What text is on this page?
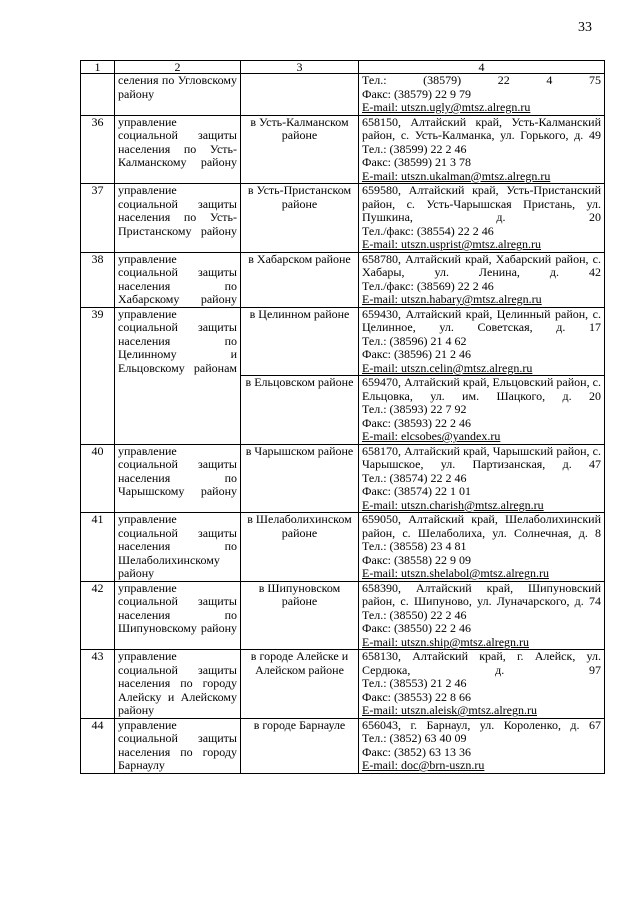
33
1	2	3	4

	селения по Угловскому району		Тел.: (38579) 22 4 75
Факс: (38579) 22 9 79
E-mail: utszn.ugly@mtsz.alregn.ru

36	управление социальной защиты населения по Усть-Калманскому району	в Усть-Калманском районе	658150, Алтайский край, Усть-Калманский район, с. Усть-Калманка, ул. Горького, д. 49
Тел.: (38599) 22 2 46
Факс: (38599) 21 3 78
E-mail: utszn.ukalman@mtsz.alregn.ru

37	управление социальной защиты населения по Усть-Пристанскому району	в Усть-Пристанском районе	659580, Алтайский край, Усть-Пристанский район, с. Усть-Чарышская Пристань, ул. Пушкина, д. 20
Тел./факс: (38554) 22 2 46
E-mail: utszn.usprist@mtsz.alregn.ru

38	управление социальной защиты населения по Хабарскому району	в Хабарском районе	658780, Алтайский край, Хабарский район, с. Хабары, ул. Ленина, д. 42
Тел./факс: (38569) 22 2 46
E-mail: utszn.habary@mtsz.alregn.ru

39	управление социальной защиты населения по Целинному и Ельцовскому районам	в Целинном районе	659430, Алтайский край, Целинный район, с. Целинное, ул. Советская, д. 17
Тел.: (38596) 21 4 62
Факс: (38596) 21 2 46
E-mail: utszn.celin@mtsz.alregn.ru

		в Ельцовском районе	659470, Алтайский край, Ельцовский район, с. Ельцовка, ул. им. Шацкого, д. 20
Тел.: (38593) 22 7 92
Факс: (38593) 22 2 46
E-mail: elcsobes@yandex.ru

40	управление социальной защиты населения по Чарышскому району	в Чарышском районе	658170, Алтайский край, Чарышский район, с. Чарышское, ул. Партизанская, д. 47
Тел.: (38574) 22 2 46
Факс: (38574) 22 1 01
E-mail: utszn.charish@mtsz.alregn.ru

41	управление социальной защиты населения по Шелаболихинскому району	в Шелаболихинском районе	659050, Алтайский край, Шелаболихинский район, с. Шелаболиха, ул. Солнечная, д. 8
Тел.: (38558) 23 4 81
Факс: (38558) 22 9 09
E-mail: utszn.shelabol@mtsz.alregn.ru

42	управление социальной защиты населения по Шипуновскому району	в Шипуновском районе	658390, Алтайский край, Шипуновский район, с. Шипуново, ул. Луначарского, д. 74
Тел.: (38550) 22 2 46
Факс: (38550) 22 2 46
E-mail: utszn.ship@mtsz.alregn.ru

43	управление социальной защиты населения по городу Алейску и Алейскому району	в городе Алейске и Алейском районе	658130, Алтайский край, г. Алейск, ул. Сердюка, д. 97
Тел.: (38553) 21 2 46
Факс: (38553) 22 8 66
E-mail: utszn.aleisk@mtsz.alregn.ru

44	управление социальной защиты населения по городу Барнаулу	в городе Барнауле	656043, г. Барнаул, ул. Короленко, д. 67
Тел.: (3852) 63 40 09
Факс: (3852) 63 13 36
E-mail: doc@brn-uszn.ru
